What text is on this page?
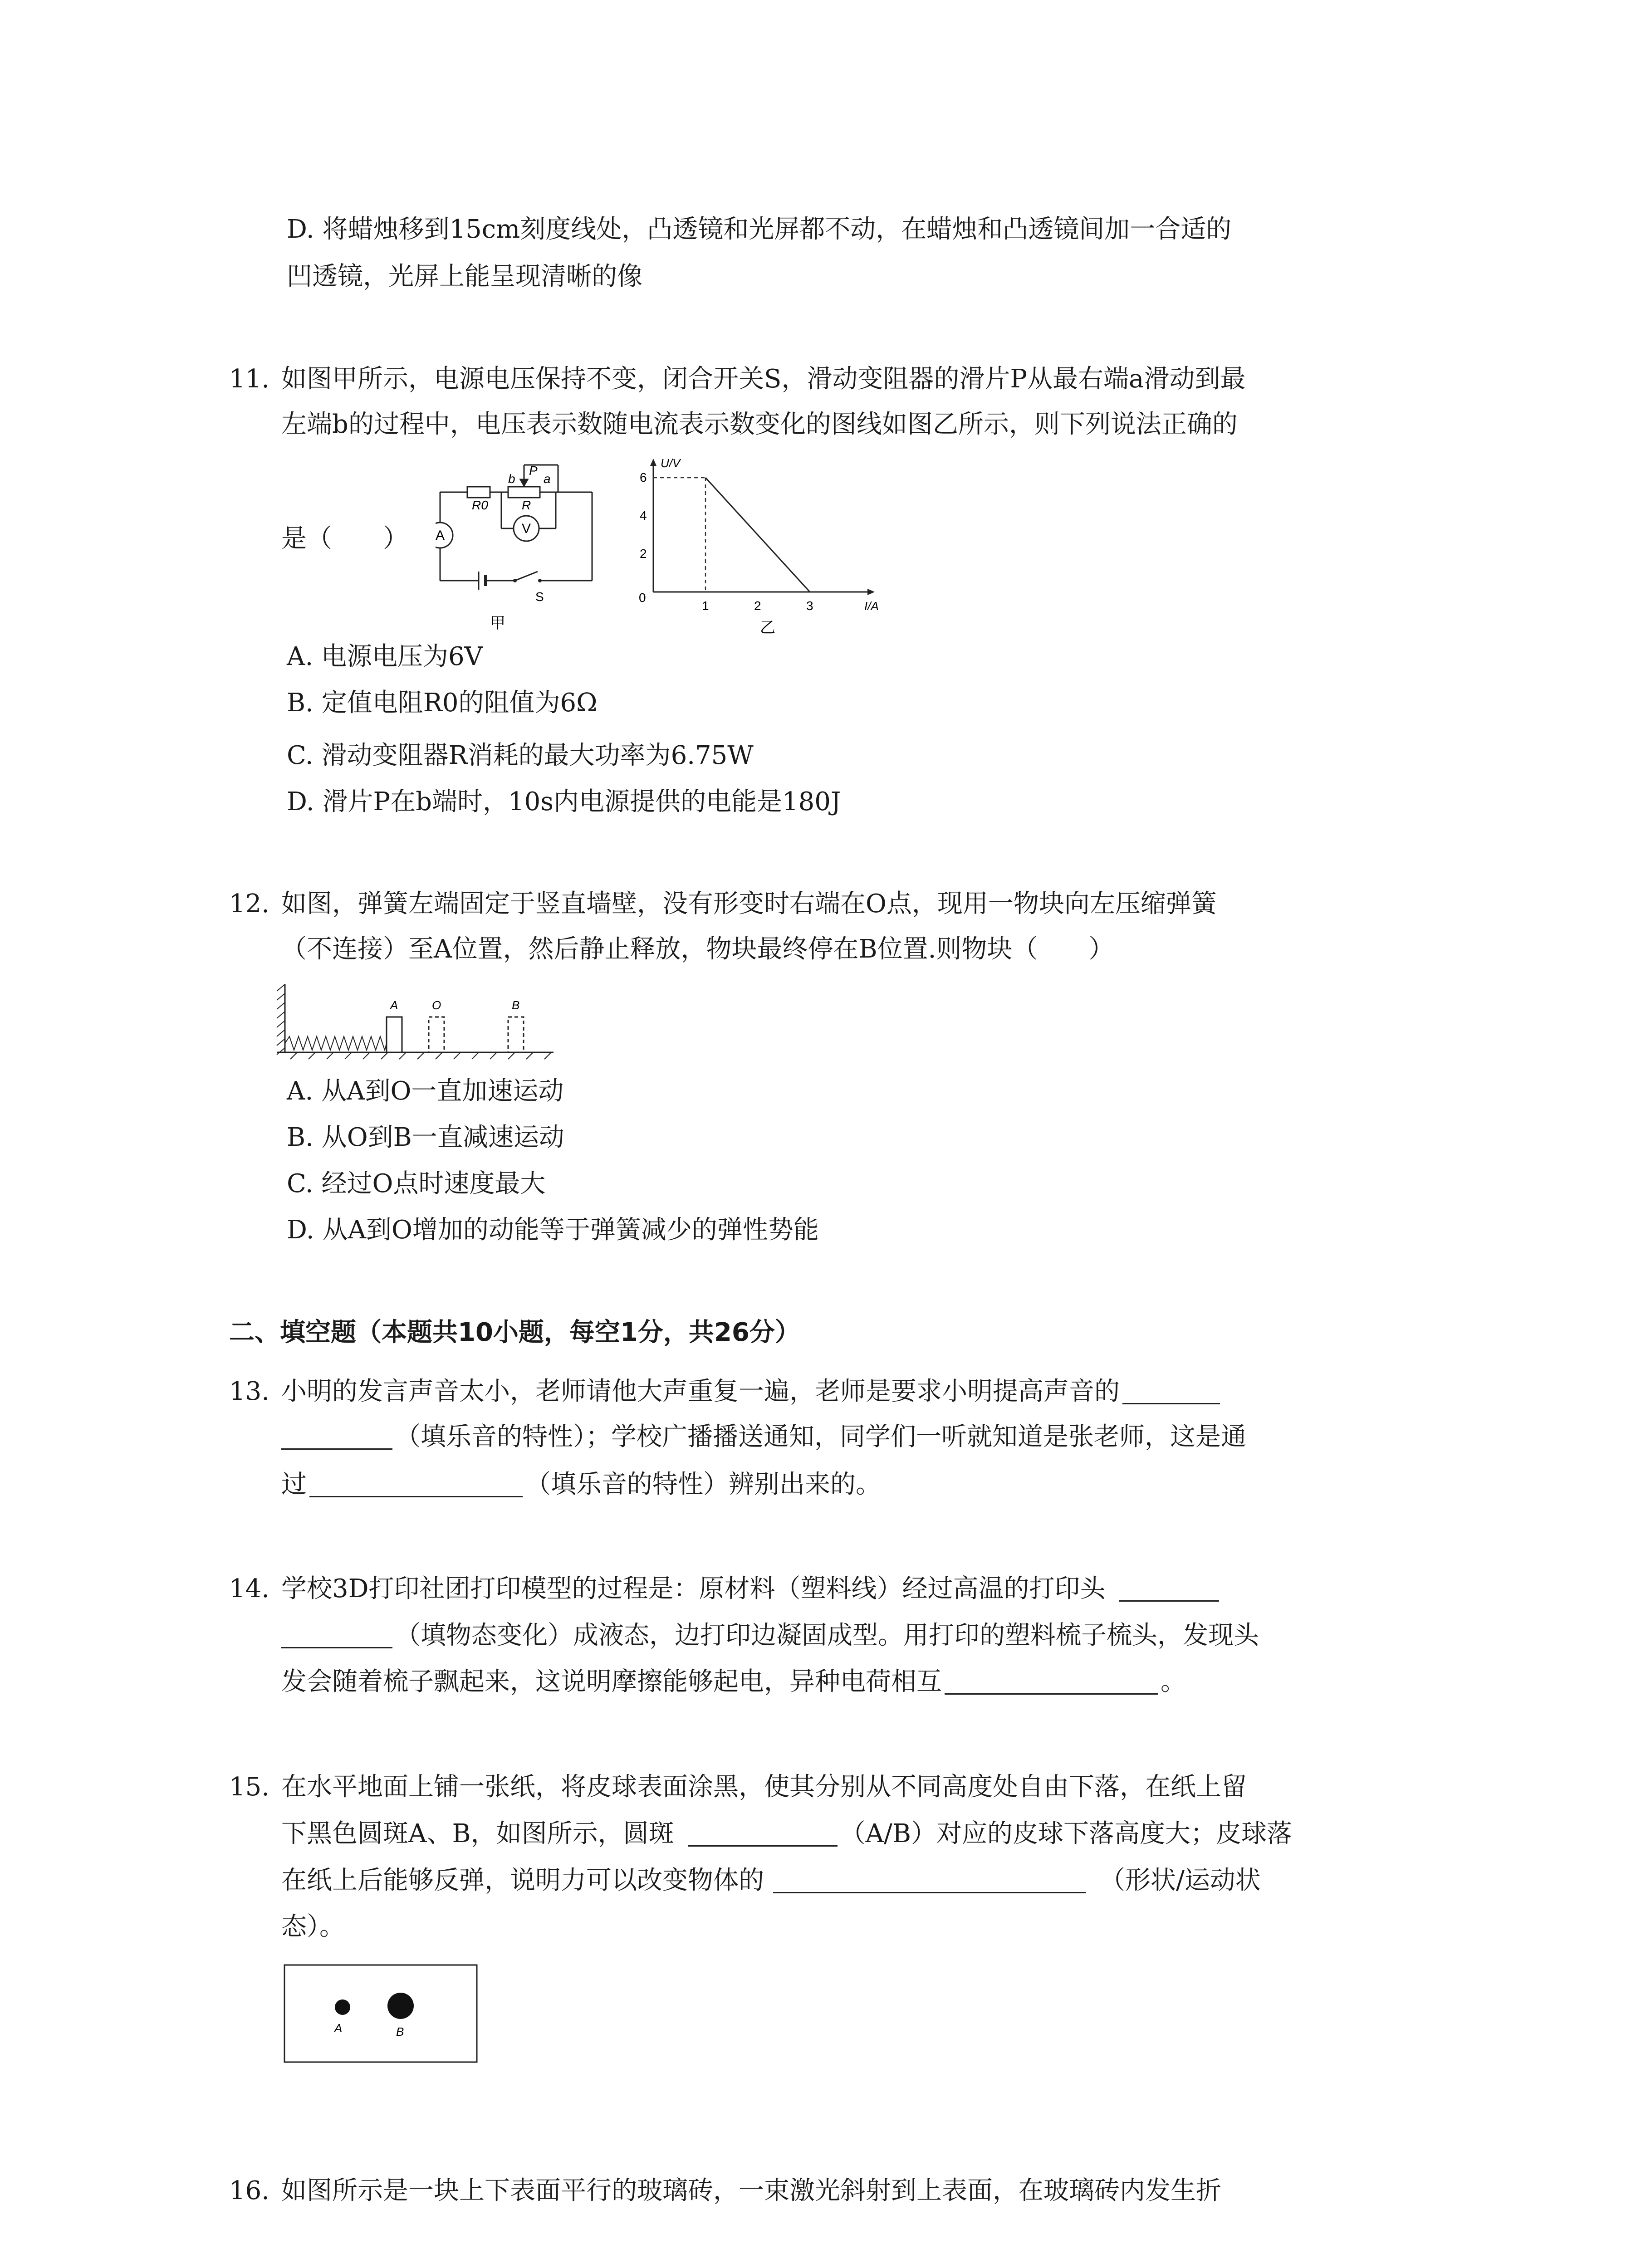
D. 将蜡烛移到15cm刻度线处，凸透镜和光屏都不动，在蜡烛和凸透镜间加一合适的
凹透镜，光屏上能呈现清晰的像
11. 如图甲所示，电源电压保持不变，闭合开关S，滑动变阻器的滑片P从最右端a滑动到最
左端b的过程中，电压表示数随电流表示数变化的图线如图乙所示，则下列说法正确的
是（　　）
R0
b
R
a
P
A	V
S
甲
2
4
6
1	2	3
U/V
I/A
0
乙
A. 电源电压为6V
B. 定值电阻R0的阻值为6Ω
C. 滑动变阻器R消耗的最大功率为6.75W
D. 滑片P在b端时，10s内电源提供的电能是180J
12. 如图，弹簧左端固定于竖直墙壁，没有形变时右端在O点，现用一物块向左压缩弹簧
（不连接）至A位置，然后静止释放，物块最终停在B位置.则物块（　　）
A	O	B
A. 从A到O一直加速运动
B. 从O到B一直减速运动
C. 经过O点时速度最大
D. 从A到O增加的动能等于弹簧减少的弹性势能
二、填空题（本题共10小题，每空1分，共26分）
13. 小明的发言声音太小，老师请他大声重复一遍，老师是要求小明提高声音的
（填乐音的特性）；学校广播播送通知，同学们一听就知道是张老师，这是通
过	（填乐音的特性）辨别出来的。
14. 学校3D打印社团打印模型的过程是：原材料（塑料线）经过高温的打印头
（填物态变化）成液态，边打印边凝固成型。用打印的塑料梳子梳头，发现头
发会随着梳子飘起来，这说明摩擦能够起电，异种电荷相互	。
15. 在水平地面上铺一张纸，将皮球表面涂黑，使其分别从不同高度处自由下落，在纸上留
下黑色圆斑A、B，如图所示，圆斑	（A/B）对应的皮球下落高度大；皮球落
在纸上后能够反弹，说明力可以改变物体的	（形状/运动状
态）。
A	B
16. 如图所示是一块上下表面平行的玻璃砖，一束激光斜射到上表面，在玻璃砖内发生折
